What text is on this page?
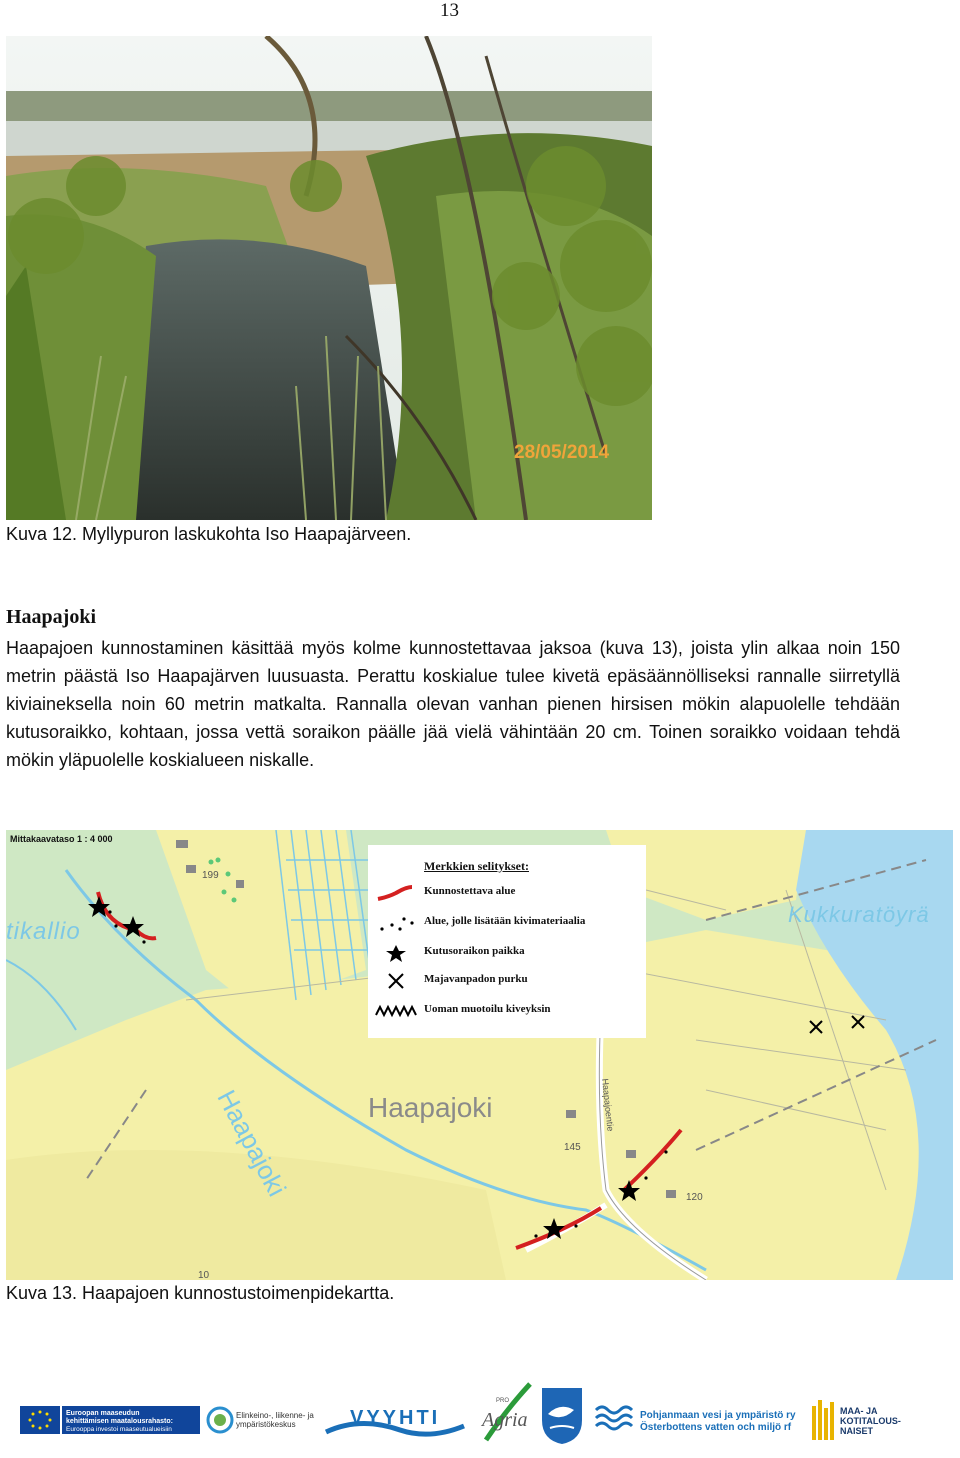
13
28/05/2014
Kuva 12. Myllypuron laskukohta Iso Haapajärveen.
Haapajoki
Haapajoen kunnostaminen käsittää myös kolme kunnostettavaa jaksoa (kuva 13), joista ylin alkaa noin 150 metrin päästä Iso Haapajärven luusuasta. Perattu koskialue tulee kivetä epäsäännölliseksi rannalle siirretyllä kiviaineksella noin 60 metrin matkalta. Rannalla olevan vanhan pienen hirsisen mökin alapuolelle tehdään kutusoraikko, kohtaan, jossa vettä soraikon päälle jää vielä vähintään 20 cm. Toinen soraikko voidaan tehdä mökin yläpuolelle koskialueen niskalle.
Mittakaavataso 1 : 4 000
tikallio
Kukkuratöyrä
Haapajoki	Haapajoki	Haapajoentie
199
145
120
10
Merkkien selitykset:
Kunnostettava alue
Alue, jolle lisätään kivimateriaalia
Kutusoraikon paikka
Majavanpadon purku
Uoman muotoilu kiveyksin
Kuva 13. Haapajoen kunnostustoimenpidekartta.
Euroopan maaseudun
kehittämisen maatalousrahasto:
Eurooppa investoi maaseutualueisiin
Elinkeino-, liikenne- ja
ympäristökeskus	VYYHTI
PRO
Agria	Pohjanmaan vesi ja ympäristö ry
Österbottens vatten och miljö rf
MAA- JA
KOTITALOUS-
NAISET
